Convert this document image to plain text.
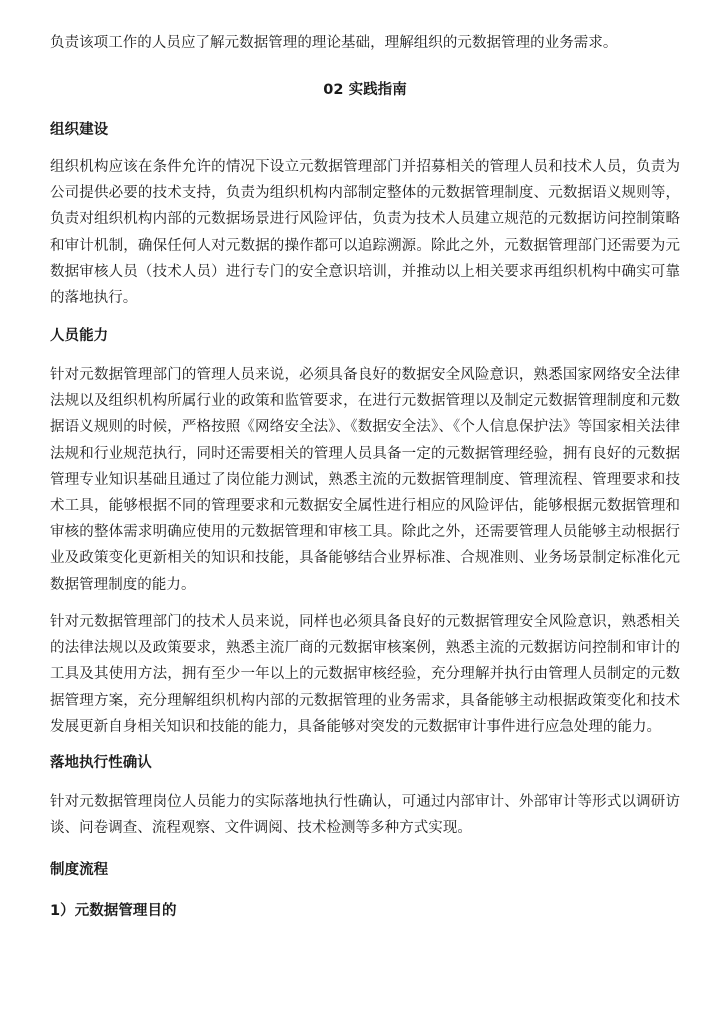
负责该项工作的人员应了解元数据管理的理论基础，理解组织的元数据管理的业务需求。

02 实践指南

组织建设

组织机构应该在条件允许的情况下设立元数据管理部门并招募相关的管理人员和技术人员，负责为公司提供必要的技术支持，负责为组织机构内部制定整体的元数据管理制度、元数据语义规则等，负责对组织机构内部的元数据场景进行风险评估，负责为技术人员建立规范的元数据访问控制策略和审计机制，确保任何人对元数据的操作都可以追踪溯源。除此之外，元数据管理部门还需要为元数据审核人员（技术人员）进行专门的安全意识培训，并推动以上相关要求再组织机构中确实可靠的落地执行。

人员能力

针对元数据管理部门的管理人员来说，必须具备良好的数据安全风险意识，熟悉国家网络安全法律法规以及组织机构所属行业的政策和监管要求，在进行元数据管理以及制定元数据管理制度和元数据语义规则的时候，严格按照《网络安全法》、《数据安全法》、《个人信息保护法》等国家相关法律法规和行业规范执行，同时还需要相关的管理人员具备一定的元数据管理经验，拥有良好的元数据管理专业知识基础且通过了岗位能力测试，熟悉主流的元数据管理制度、管理流程、管理要求和技术工具，能够根据不同的管理要求和元数据安全属性进行相应的风险评估，能够根据元数据管理和审核的整体需求明确应使用的元数据管理和审核工具。除此之外，还需要管理人员能够主动根据行业及政策变化更新相关的知识和技能，具备能够结合业界标准、合规准则、业务场景制定标准化元数据管理制度的能力。

针对元数据管理部门的技术人员来说，同样也必须具备良好的元数据管理安全风险意识，熟悉相关的法律法规以及政策要求，熟悉主流厂商的元数据审核案例，熟悉主流的元数据访问控制和审计的工具及其使用方法，拥有至少一年以上的元数据审核经验，充分理解并执行由管理人员制定的元数据管理方案，充分理解组织机构内部的元数据管理的业务需求，具备能够主动根据政策变化和技术发展更新自身相关知识和技能的能力，具备能够对突发的元数据审计事件进行应急处理的能力。

落地执行性确认

针对元数据管理岗位人员能力的实际落地执行性确认，可通过内部审计、外部审计等形式以调研访谈、问卷调查、流程观察、文件调阅、技术检测等多种方式实现。

制度流程

1）元数据管理目的
